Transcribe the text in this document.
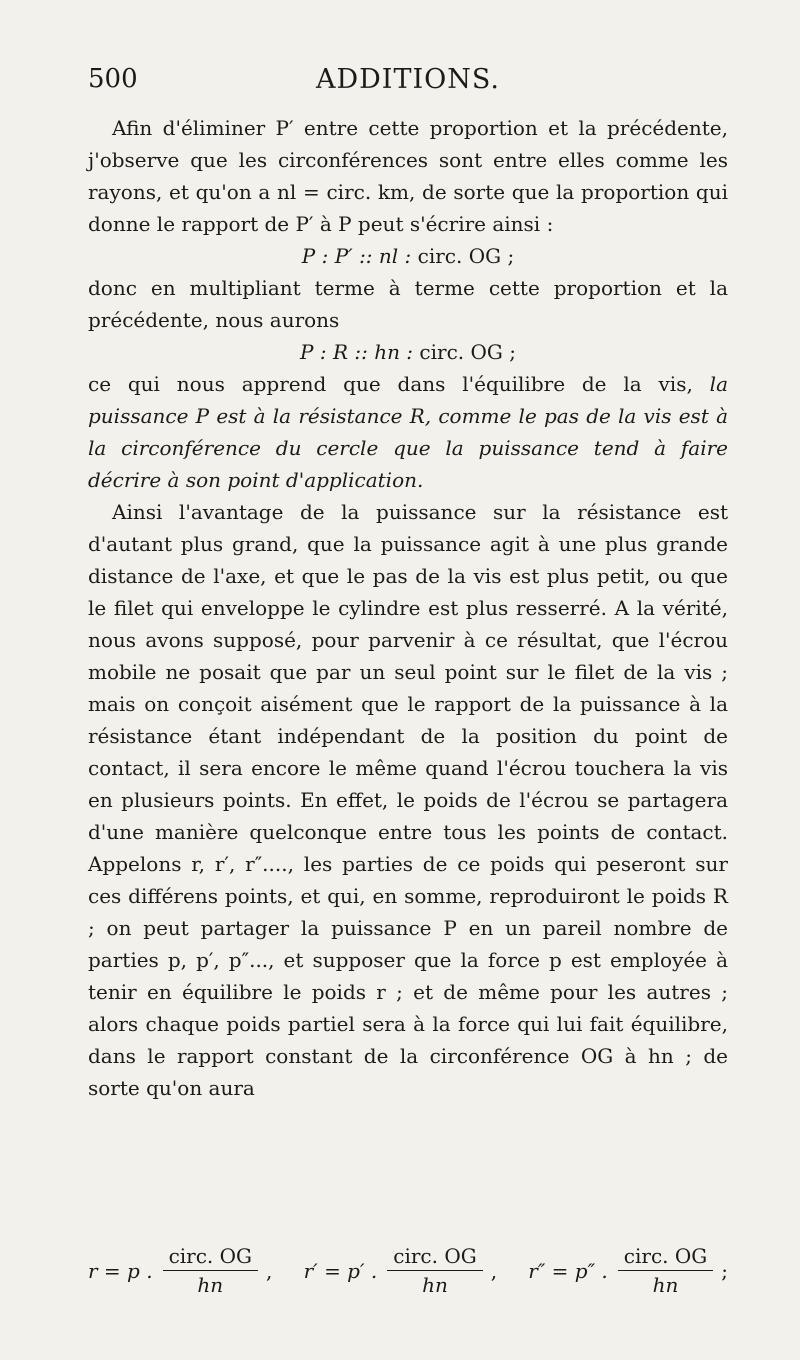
500	ADDITIONS.

Afin d'éliminer P′ entre cette proportion et la précédente, j'observe que les circonférences sont entre elles comme les rayons, et qu'on a nl = circ. km, de sorte que la proportion qui donne le rapport de P′ à P peut s'écrire ainsi :

P : P′ :: nl : circ. OG ;

donc en multipliant terme à terme cette proportion et la précédente, nous aurons

P : R :: hn : circ. OG ;

ce qui nous apprend que dans l'équilibre de la vis, la puissance P est à la résistance R, comme le pas de la vis est à la circonférence du cercle que la puissance tend à faire décrire à son point d'application.

Ainsi l'avantage de la puissance sur la résistance est d'autant plus grand, que la puissance agit à une plus grande distance de l'axe, et que le pas de la vis est plus petit, ou que le filet qui enveloppe le cylindre est plus resserré. A la vérité, nous avons supposé, pour parvenir à ce résultat, que l'écrou mobile ne posait que par un seul point sur le filet de la vis ; mais on conçoit aisément que le rapport de la puissance à la résistance étant indépendant de la position du point de contact, il sera encore le même quand l'écrou touchera la vis en plusieurs points. En effet, le poids de l'écrou se partagera d'une manière quelconque entre tous les points de contact. Appelons r, r′, r″...., les parties de ce poids qui peseront sur ces différens points, et qui, en somme, reproduiront le poids R ; on peut partager la puissance P en un pareil nombre de parties p, p′, p″..., et supposer que la force p est employée à tenir en équilibre le poids r ; et de même pour les autres ; alors chaque poids partiel sera à la force qui lui fait équilibre, dans le rapport constant de la circonférence OG à hn ; de sorte qu'on aura

r = p . $\frac{\text{circ. OG}}{hn}$ , r′ = p′ . $\frac{\text{circ. OG}}{hn}$ , r″ = p″ . $\frac{\text{circ. OG}}{hn}$ ;
